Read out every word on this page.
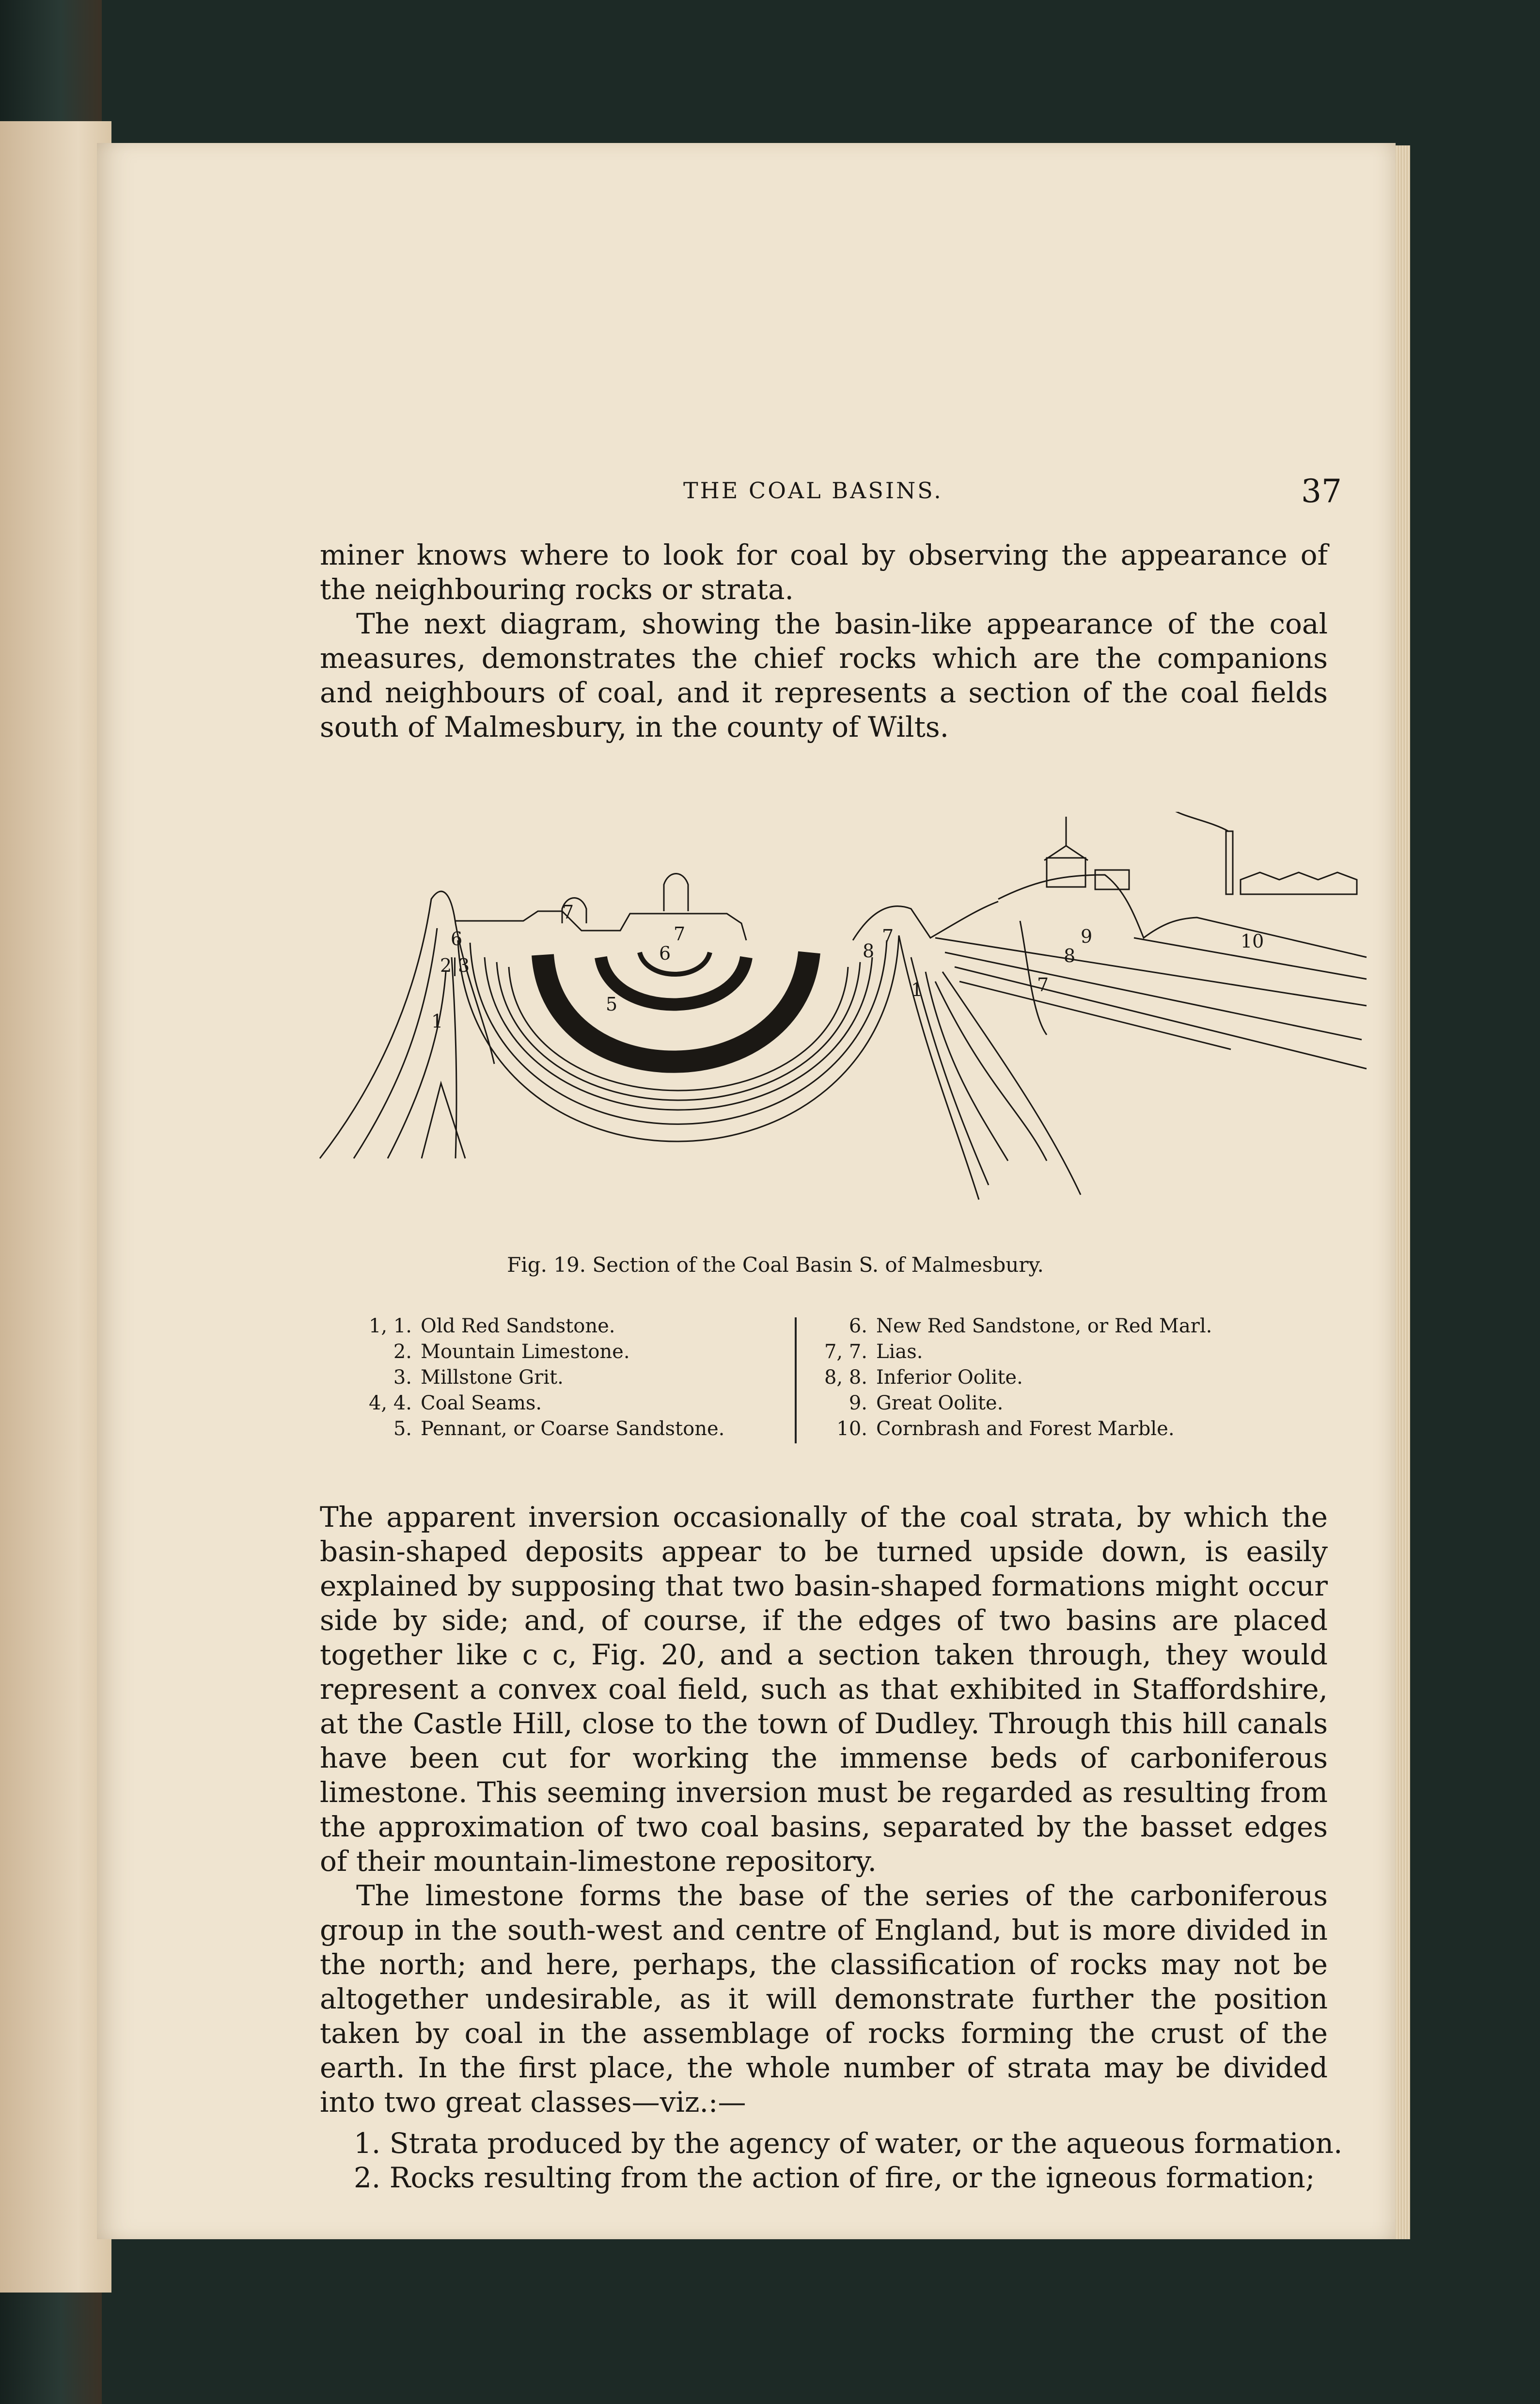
THE COAL BASINS.	37

miner knows where to look for coal by observing the appearance of the neighbouring rocks or strata.

The next diagram, showing the basin-like appearance of the coal measures, demonstrates the chief rocks which are the companions and neighbours of coal, and it represents a section of the coal fields south of Malmesbury, in the county of Wilts.

1
2|3
6
7
7
6
5
4
4
8
7
1	7
8
9	10
Fig. 19. Section of the Coal Basin S. of Malmesbury.
1, 1. Old Red Sandstone.
2. Mountain Limestone.
3. Millstone Grit.
4, 4. Coal Seams.
5. Pennant, or Coarse Sandstone.
6. New Red Sandstone, or Red Marl.
7, 7. Lias.
8, 8. Inferior Oolite.
9. Great Oolite.
10. Cornbrash and Forest Marble.

The apparent inversion occasionally of the coal strata, by which the basin-shaped deposits appear to be turned upside down, is easily explained by supposing that two basin-shaped formations might occur side by side; and, of course, if the edges of two basins are placed together like c c, Fig. 20, and a section taken through, they would represent a convex coal field, such as that exhibited in Staffordshire, at the Castle Hill, close to the town of Dudley. Through this hill canals have been cut for working the immense beds of carboniferous limestone. This seeming inversion must be regarded as resulting from the approximation of two coal basins, separated by the basset edges of their mountain-limestone repository.

The limestone forms the base of the series of the carboniferous group in the south-west and centre of England, but is more divided in the north; and here, perhaps, the classification of rocks may not be altogether undesirable, as it will demonstrate further the position taken by coal in the assemblage of rocks forming the crust of the earth. In the first place, the whole number of strata may be divided into two great classes—viz.:—

1. Strata produced by the agency of water, or the aqueous formation.
2. Rocks resulting from the action of fire, or the igneous formation;
